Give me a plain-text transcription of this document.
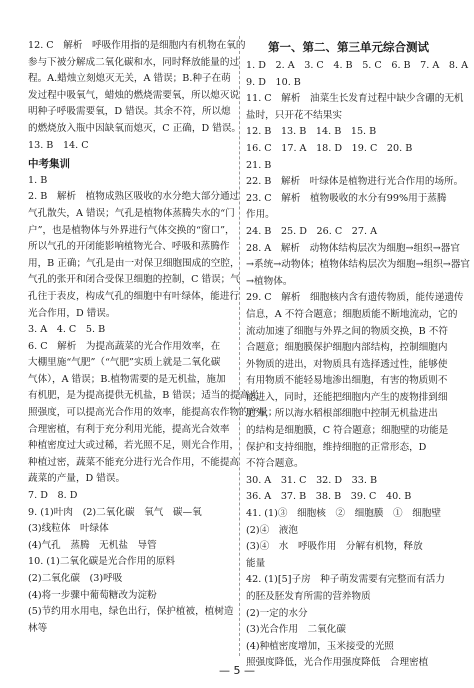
12. C　解析　呼吸作用指的是细胞内有机物在氧的
参与下被分解成二氧化碳和水，同时释放能量的过
程。A.蜡烛立刻熄灭无关，A 错误；B.种子在萌
发过程中吸氧气，蜡烛的燃烧需要氧，所以熄灭说
明种子呼吸需要氧，D 错误。其余不符，所以熄
的燃烧放入瓶中因缺氧而熄灭，C 正确，D 错误。
13. B　14. C
中考集训
1. B
2. B　解析　植物成熟区吸收的水分绝大部分通过
气孔散失，A 错误；气孔是植物体蒸腾失水的“门
户”，也是植物体与外界进行气体交换的“窗口”，
所以气孔的开闭能影响植物光合、呼吸和蒸腾作
用，B 正确；气孔是由一对保卫细胞围成的空腔，
气孔的张开和闭合受保卫细胞的控制，C 错误；气
孔往于表皮，构成气孔的细胞中有叶绿体，能进行
光合作用，D 错误。
3. A　4. C　5. B
6. C　解析　为提高蔬菜的光合作用效率，在
大棚里施“气肥”（“气肥”实质上就是二氧化碳
气体），A 错误；B.植物需要的是无机盐，施加
有机肥，是为提高提供无机盐，B 错误；适当的提高光
照强度，可以提高光合作用的效率，能提高农作物的产量；
合理密植，有利于充分利用光能，提高光合效率
种植密度过大或过稀，若光照不足，则光合作用，
种植过密，蔬菜不能充分进行光合作用，不能提高
蔬菜的产量，D 错误。
7. D　8. D
9. (1)叶肉　(2)二氧化碳　氧气　碳—氧
(3)线粒体　叶绿体
(4)气孔　蒸腾　无机盐　导管
10. (1)二氧化碳是光合作用的原料
(2)二氧化碳　(3)呼吸
(4)将一步骤中葡萄糖改为淀粉
(5)节约用水用电，绿色出行，保护植被，植树造
林等
第一、第二、第三单元综合测试
1. D　2. A　3. C　4. B　5. C　6. B　7. A　8. A
9. D　10. B
11. C　解析　油菜生长发育过程中缺少含硼的无机
盐时，只开花不结果实
12. B　13. B　14. B　15. B
16. C　17. A　18. D　19. C　20. B
21. B
22. B　解析　叶绿体是植物进行光合作用的场所。
23. C　解析　植物吸收的水分有99%用于蒸腾
作用。
24. B　25. D　26. C　27. A
28. A　解析　动物体结构层次为细胞→组织→器官
→系统→动物体；植物体结构层次为细胞→组织→器官
→植物体。
29. C　解析　细胞核内含有遗传物质，能传递遗传
信息，A 不符合题意；细胞质能不断地流动，它的
流动加速了细胞与外界之间的物质交换，B 不符
合题意；细胞膜保护细胞内部结构，控制细胞内
外物质的进出，对物质具有选择透过性，能够使
有用物质不能轻易地渗出细胞，有害的物质则不
能进入，同时，还能把细胞内产生的废物排到细
胞外，所以海水稻根部细胞中控制无机盐进出
的结构是细胞膜，C 符合题意；细胞壁的功能是
保护和支持细胞，维持细胞的正常形态，D
不符合题意。
30. A　31. C　32. D　33. B
36. A　37. B　38. B　39. C　40. B
41. (1)③　细胞核　②　细胞膜　①　细胞壁
(2)④　液泡
(3)④　水　呼吸作用　分解有机物，释放
能量
42. (1)[5]子房　种子萌发需要有完整而有活力
的胚及胚发育所需的营养物质
(2)一定的水分
(3)光合作用　二氧化碳
(4)种植密度增加，玉米接受的光照
照强度降低，光合作用强度降低　合理密植
— 5 —
